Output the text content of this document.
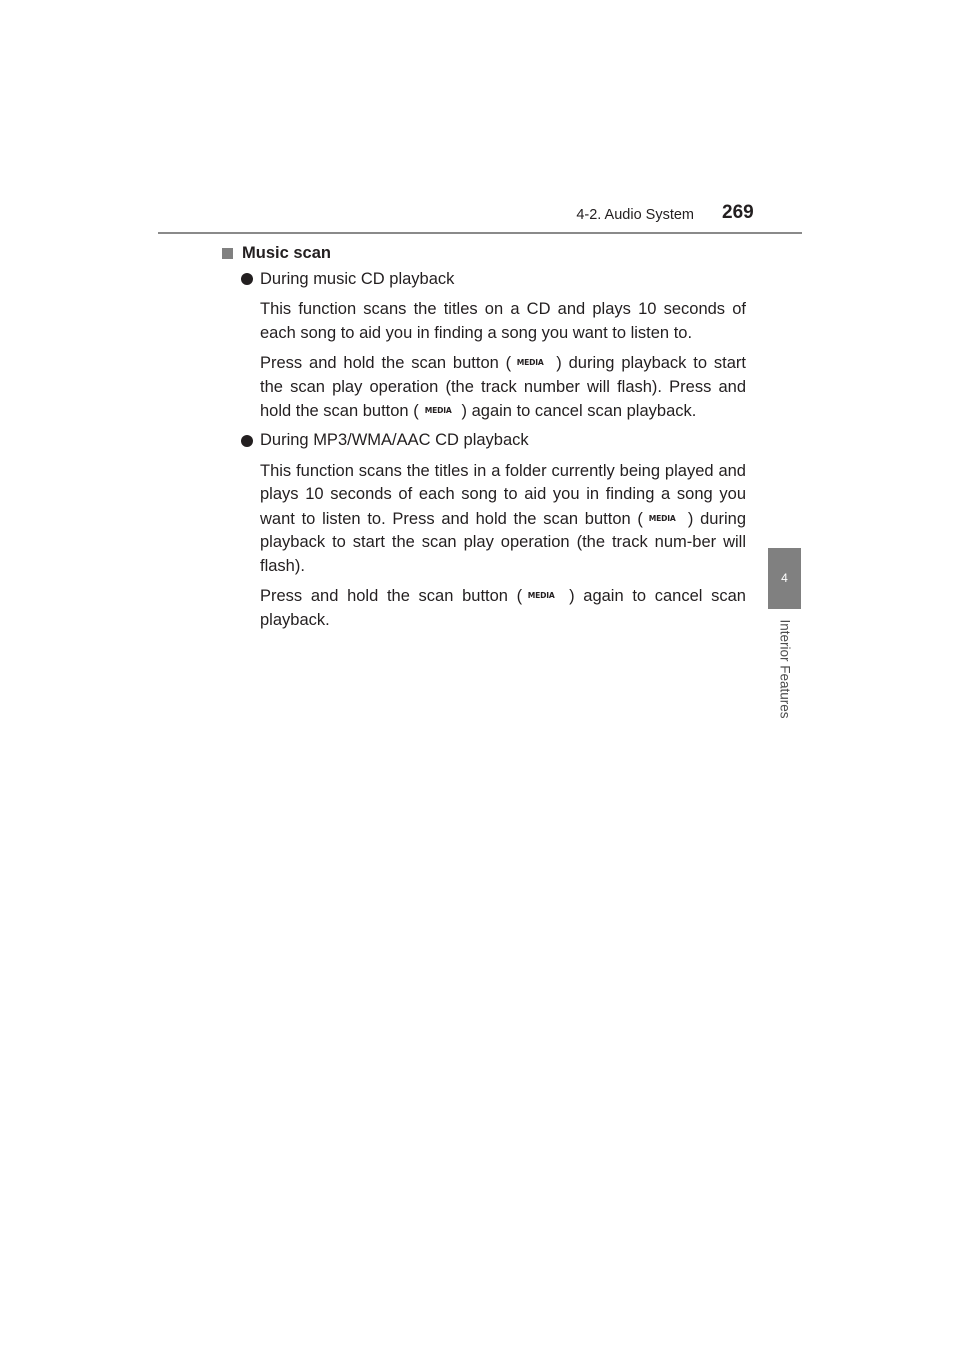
4-2. Audio System 269
4
Interior Features
Music scan
During music CD playback

This function scans the titles on a CD and plays 10 seconds of each song to aid you in finding a song you want to listen to.

Press and hold the scan button ( MEDIA ) during playback to start the scan play operation (the track number will flash). Press and hold the scan button ( MEDIA ) again to cancel scan playback.

During MP3/WMA/AAC CD playback

This function scans the titles in a folder currently being played and plays 10 seconds of each song to aid you in finding a song you want to listen to. Press and hold the scan button ( MEDIA ) during playback to start the scan play operation (the track num-ber will flash).

Press and hold the scan button ( MEDIA ) again to cancel scan playback.
